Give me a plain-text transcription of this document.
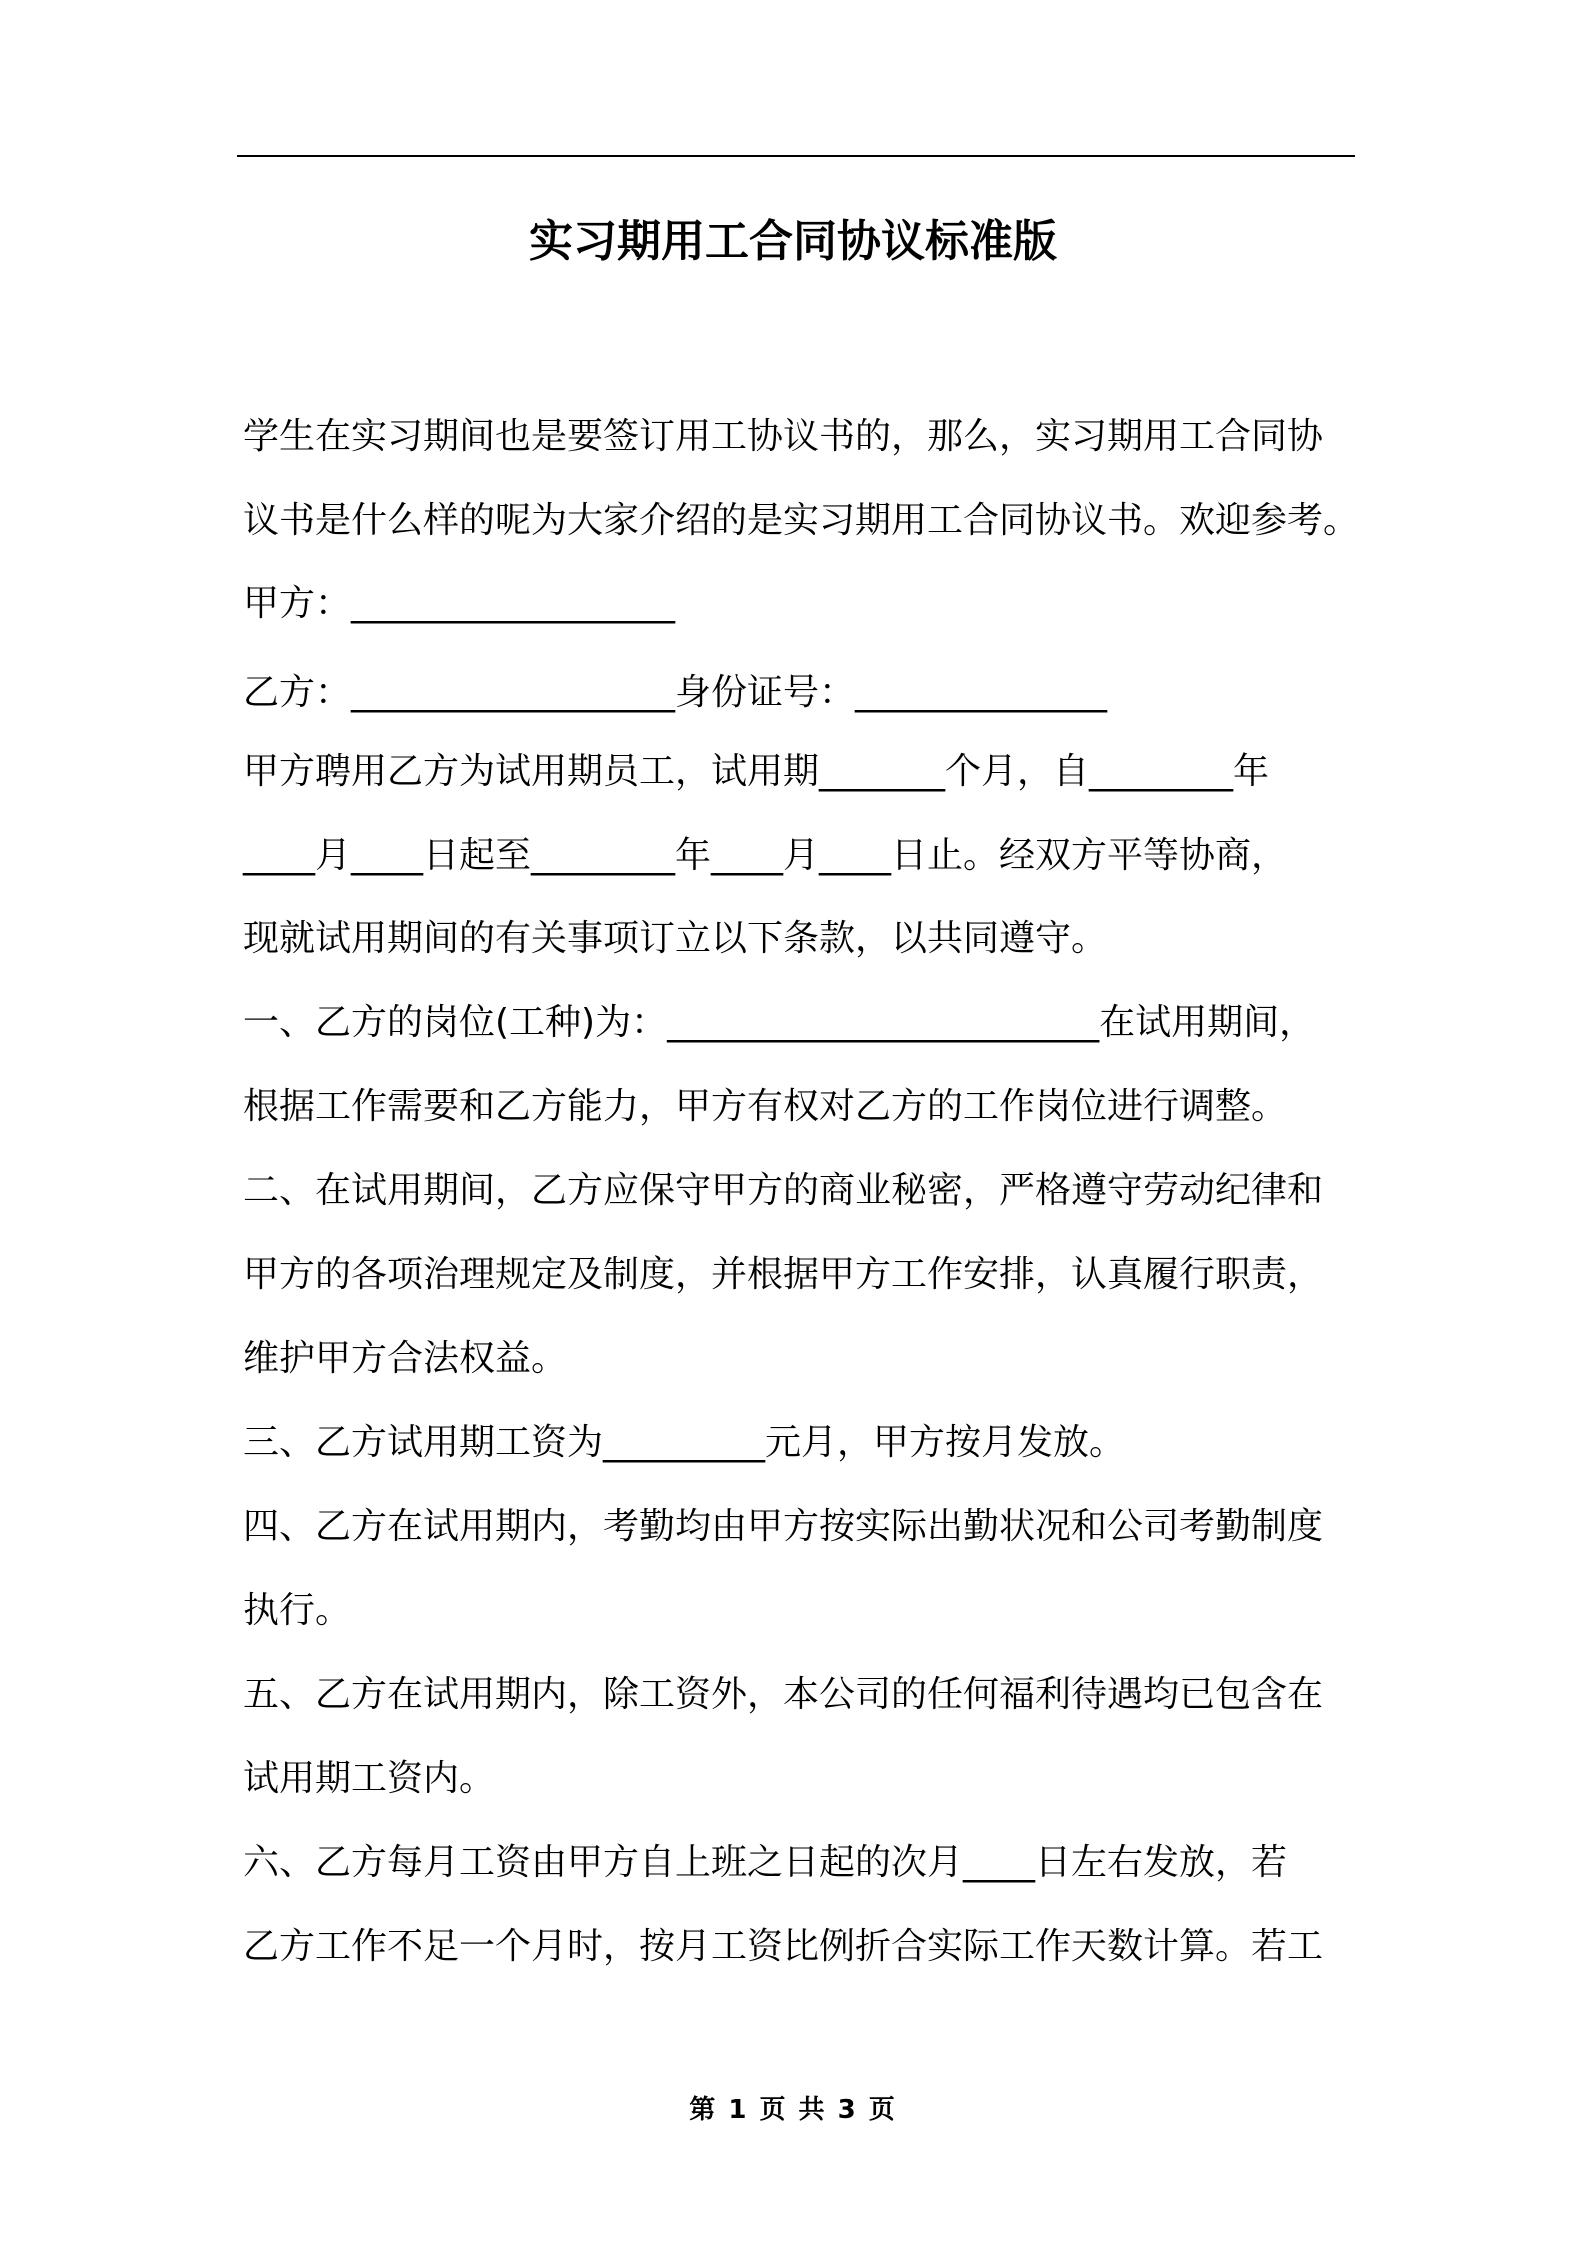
实习期用工合同协议标准版
学生在实习期间也是要签订用工协议书的，那么，实习期用工合同协
议书是什么样的呢为大家介绍的是实习期用工合同协议书。欢迎参考。
甲方：__________________
乙方：__________________身份证号：______________
甲方聘用乙方为试用期员工，试用期_______个月，自________年
____月____日起至________年____月____日止。经双方平等协商，
现就试用期间的有关事项订立以下条款，以共同遵守。
一、乙方的岗位(工种)为：________________________在试用期间，
根据工作需要和乙方能力，甲方有权对乙方的工作岗位进行调整。
二、在试用期间，乙方应保守甲方的商业秘密，严格遵守劳动纪律和
甲方的各项治理规定及制度，并根据甲方工作安排，认真履行职责，
维护甲方合法权益。
三、乙方试用期工资为_________元月，甲方按月发放。
四、乙方在试用期内，考勤均由甲方按实际出勤状况和公司考勤制度
执行。
五、乙方在试用期内，除工资外，本公司的任何福利待遇均已包含在
试用期工资内。
六、乙方每月工资由甲方自上班之日起的次月____日左右发放，若
乙方工作不足一个月时，按月工资比例折合实际工作天数计算。若工
第 1 页 共 3 页
